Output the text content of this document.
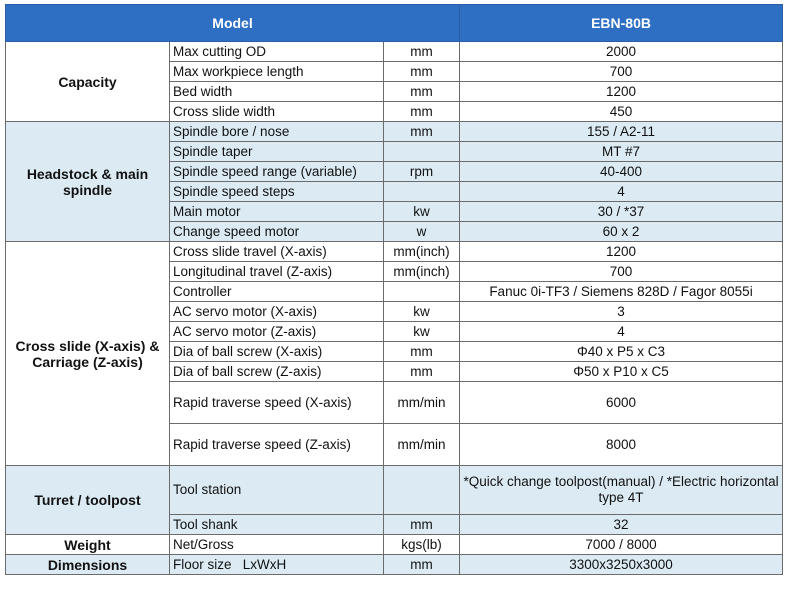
Model			EBN-80B
Capacity	Max cutting OD	mm	2000
	Max workpiece length	mm	700
	Bed width	mm	1200
	Cross slide width	mm	450
Headstock & main spindle	Spindle bore / nose	mm	155 / A2-11
	Spindle taper		MT #7
	Spindle speed range (variable)	rpm	40-400
	Spindle speed steps		4
	Main motor	kw	30 / *37
	Change speed motor	w	60 x 2
Cross slide (X-axis) & Carriage (Z-axis)	Cross slide travel (X-axis)	mm(inch)	1200
	Longitudinal travel (Z-axis)	mm(inch)	700
	Controller		Fanuc 0i-TF3 / Siemens 828D / Fagor 8055i
	AC servo motor (X-axis)	kw	3
	AC servo motor (Z-axis)	kw	4
	Dia of ball screw (X-axis)	mm	Φ40 x P5 x C3
	Dia of ball screw (Z-axis)	mm	Φ50 x P10 x C5
	Rapid traverse speed (X-axis)	mm/min	6000
	Rapid traverse speed (Z-axis)	mm/min	8000
Turret / toolpost	Tool station		*Quick change toolpost(manual) / *Electric horizontal type 4T
	Tool shank	mm	32
Weight	Net/Gross	kgs(lb)	7000 / 8000
Dimensions	Floor size   LxWxH	mm	3300x3250x3000
